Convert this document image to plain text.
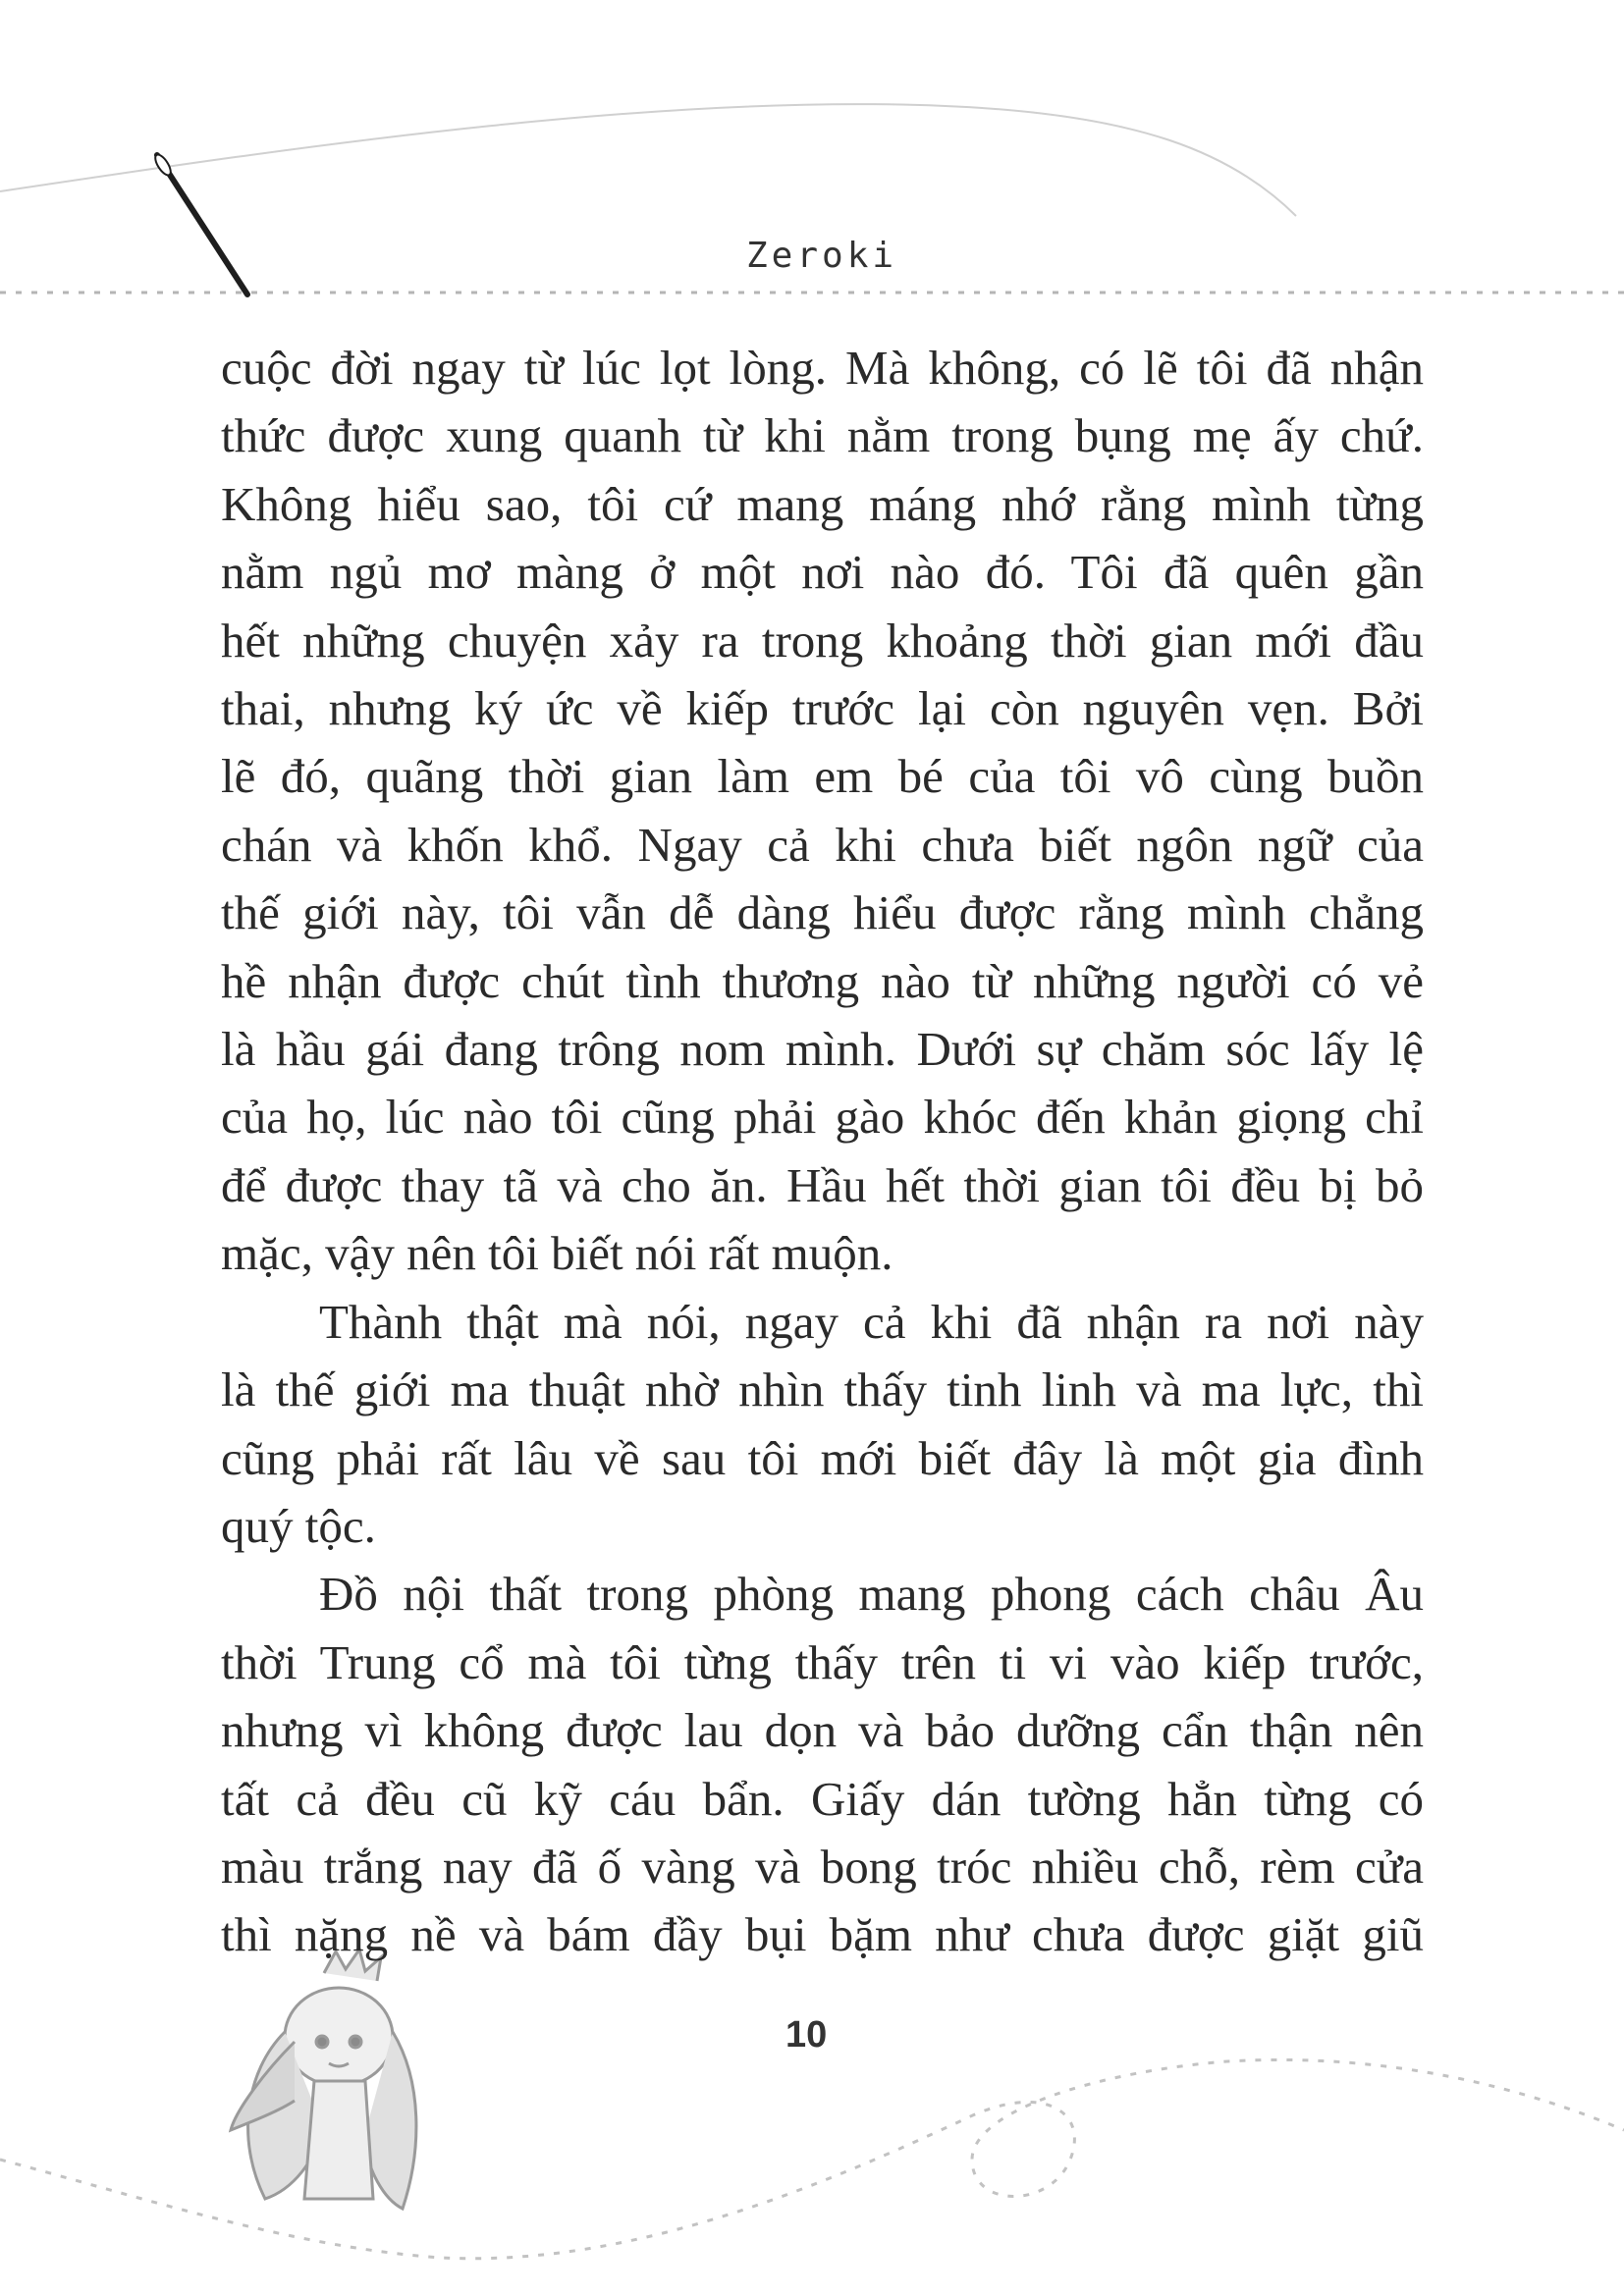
Zeroki
cuộc đời ngay từ lúc lọt lòng. Mà không, có lẽ tôi đã nhận
thức được xung quanh từ khi nằm trong bụng mẹ ấy chứ.
Không hiểu sao, tôi cứ mang máng nhớ rằng mình từng
nằm ngủ mơ màng ở một nơi nào đó. Tôi đã quên gần
hết những chuyện xảy ra trong khoảng thời gian mới đầu
thai, nhưng ký ức về kiếp trước lại còn nguyên vẹn. Bởi
lẽ đó, quãng thời gian làm em bé của tôi vô cùng buồn
chán và khốn khổ. Ngay cả khi chưa biết ngôn ngữ của
thế giới này, tôi vẫn dễ dàng hiểu được rằng mình chẳng
hề nhận được chút tình thương nào từ những người có vẻ
là hầu gái đang trông nom mình. Dưới sự chăm sóc lấy lệ
của họ, lúc nào tôi cũng phải gào khóc đến khản giọng chỉ
để được thay tã và cho ăn. Hầu hết thời gian tôi đều bị bỏ
mặc, vậy nên tôi biết nói rất muộn.
Thành thật mà nói, ngay cả khi đã nhận ra nơi này
là thế giới ma thuật nhờ nhìn thấy tinh linh và ma lực, thì
cũng phải rất lâu về sau tôi mới biết đây là một gia đình
quý tộc.
Đồ nội thất trong phòng mang phong cách châu Âu
thời Trung cổ mà tôi từng thấy trên ti vi vào kiếp trước,
nhưng vì không được lau dọn và bảo dưỡng cẩn thận nên
tất cả đều cũ kỹ cáu bẩn. Giấy dán tường hẳn từng có
màu trắng nay đã ố vàng và bong tróc nhiều chỗ, rèm cửa
thì nặng nề và bám đầy bụi bặm như chưa được giặt giũ
10
